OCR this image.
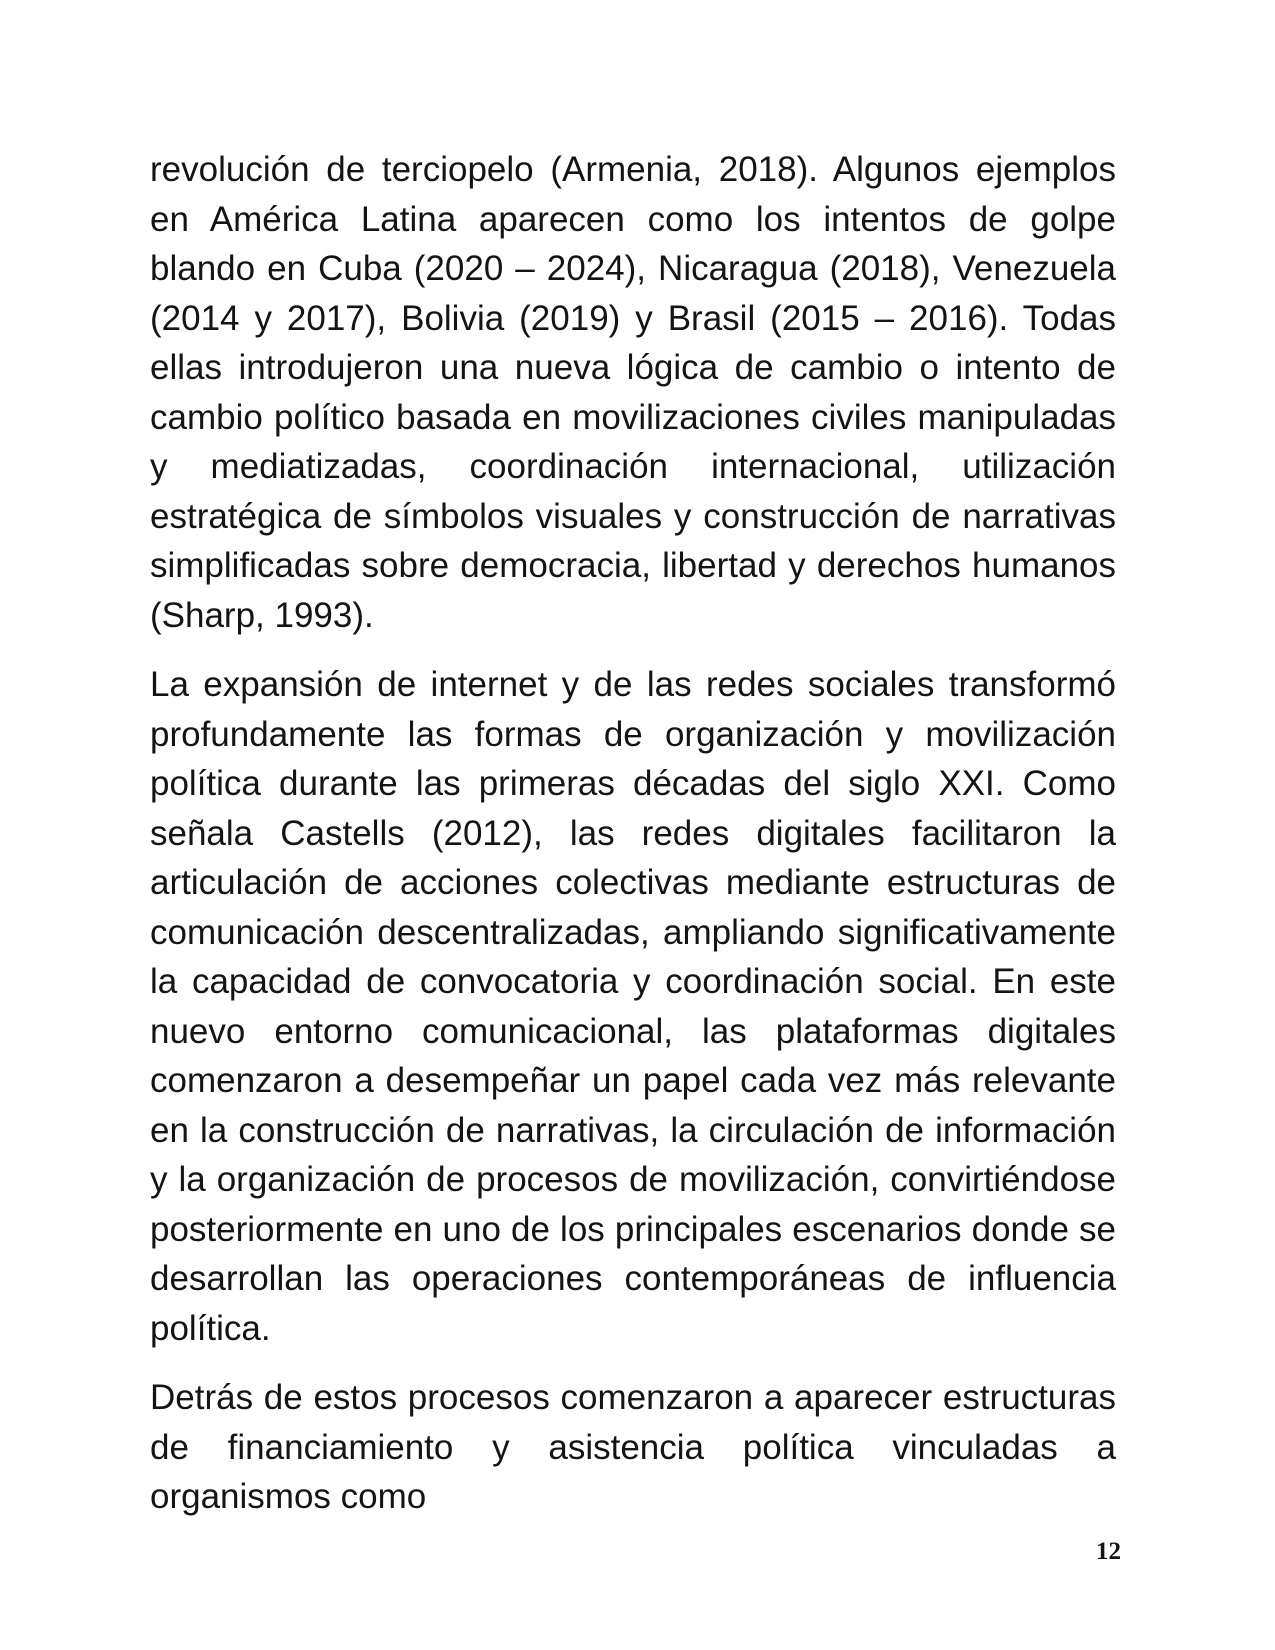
revolución de terciopelo (Armenia, 2018). Algunos ejemplos en América Latina aparecen como los intentos de golpe blando en Cuba (2020 – 2024), Nicaragua (2018), Venezuela (2014 y 2017), Bolivia (2019) y Brasil (2015 – 2016). Todas ellas introdujeron una nueva lógica de cambio o intento de cambio político basada en movilizaciones civiles manipuladas y mediatizadas, coordinación internacional, utilización estratégica de símbolos visuales y construcción de narrativas simplificadas sobre democracia, libertad y derechos humanos (Sharp, 1993).

La expansión de internet y de las redes sociales transformó profundamente las formas de organización y movilización política durante las primeras décadas del siglo XXI. Como señala Castells (2012), las redes digitales facilitaron la articulación de acciones colectivas mediante estructuras de comunicación descentralizadas, ampliando significativamente la capacidad de convocatoria y coordinación social. En este nuevo entorno comunicacional, las plataformas digitales comenzaron a desempeñar un papel cada vez más relevante en la construcción de narrativas, la circulación de información y la organización de procesos de movilización, convirtiéndose posteriormente en uno de los principales escenarios donde se desarrollan las operaciones contemporáneas de influencia política.

Detrás de estos procesos comenzaron a aparecer estructuras de financiamiento y asistencia política vinculadas a organismos como

12
